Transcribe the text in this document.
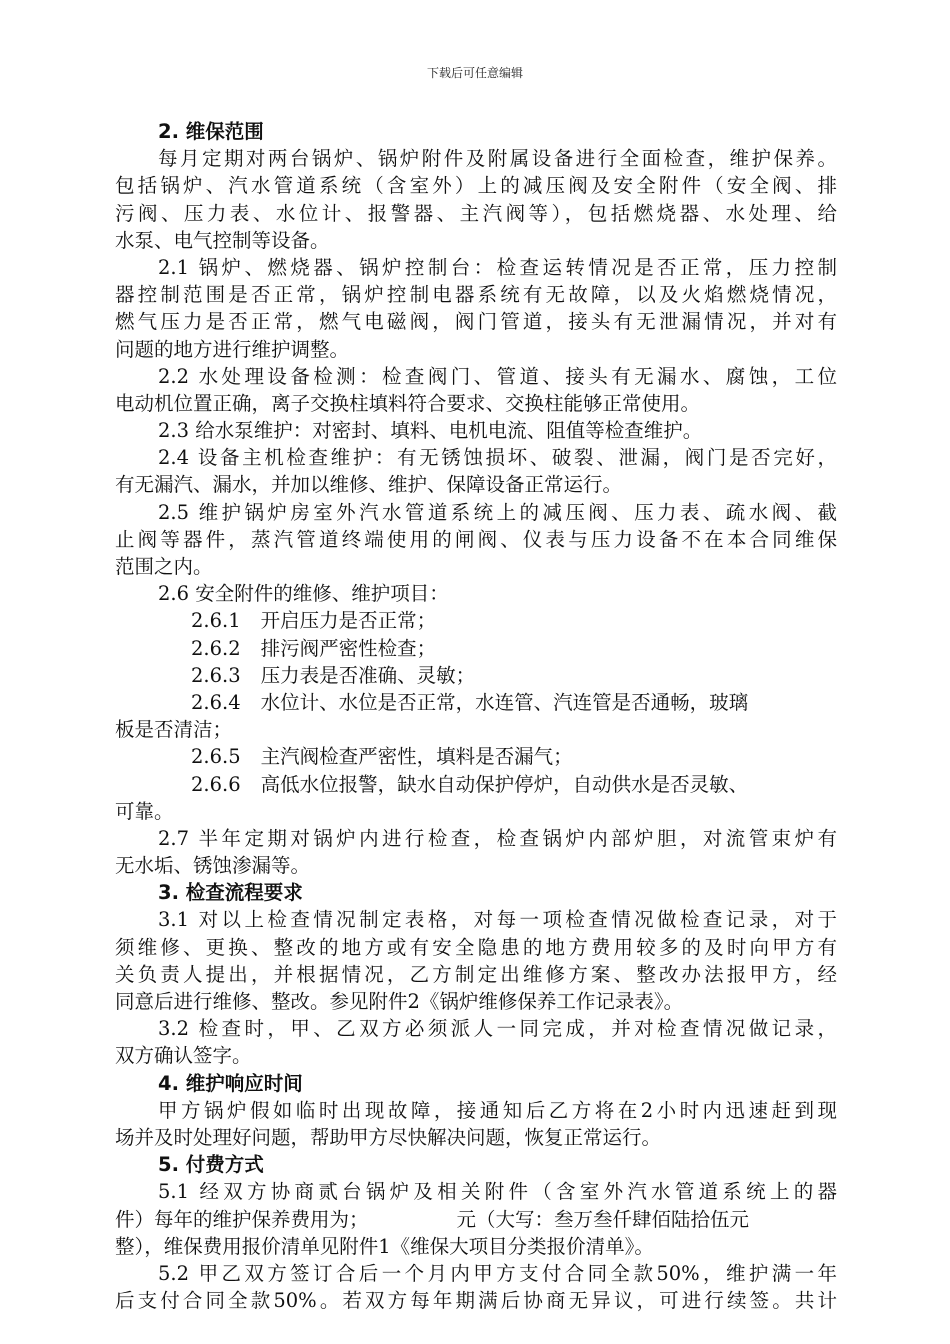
下载后可任意编辑
2. 维保范围
每月定期对两台锅炉、锅炉附件及附属设备进行全面检查，维护保养。
包括锅炉、汽水管道系统（含室外）上的减压阀及安全附件（安全阀、排
污阀、压力表、水位计、报警器、主汽阀等），包括燃烧器、水处理、给
水泵、电气控制等设备。
2.1 锅炉、燃烧器、锅炉控制台：检查运转情况是否正常，压力控制
器控制范围是否正常，锅炉控制电器系统有无故障，以及火焰燃烧情况，
燃气压力是否正常，燃气电磁阀，阀门管道，接头有无泄漏情况，并对有
问题的地方进行维护调整。
2.2 水处理设备检测：检查阀门、管道、接头有无漏水、腐蚀，工位
电动机位置正确，离子交换柱填料符合要求、交换柱能够正常使用。
2.3 给水泵维护：对密封、填料、电机电流、阻值等检查维护。
2.4 设备主机检查维护：有无锈蚀损坏、破裂、泄漏，阀门是否完好，
有无漏汽、漏水，并加以维修、维护、保障设备正常运行。
2.5 维护锅炉房室外汽水管道系统上的减压阀、压力表、疏水阀、截
止阀等器件，蒸汽管道终端使用的闸阀、仪表与压力设备不在本合同维保
范围之内。
2.6 安全附件的维修、维护项目：
2.6.1 开启压力是否正常；
2.6.2 排污阀严密性检查；
2.6.3 压力表是否准确、灵敏；
2.6.4 水位计、水位是否正常，水连管、汽连管是否通畅，玻璃
板是否清洁；
2.6.5 主汽阀检查严密性，填料是否漏气；
2.6.6 高低水位报警，缺水自动保护停炉，自动供水是否灵敏、
可靠。
2.7 半年定期对锅炉内进行检查，检查锅炉内部炉胆，对流管束炉有
无水垢、锈蚀渗漏等。
3. 检查流程要求
3.1 对以上检查情况制定表格，对每一项检查情况做检查记录，对于
须维修、更换、整改的地方或有安全隐患的地方费用较多的及时向甲方有
关负责人提出，并根据情况，乙方制定出维修方案、整改办法报甲方，经
同意后进行维修、整改。参见附件2《锅炉维修保养工作记录表》。
3.2 检查时，甲、乙双方必须派人一同完成，并对检查情况做记录，
双方确认签字。
4. 维护响应时间
甲方锅炉假如临时出现故障，接通知后乙方将在2小时内迅速赶到现
场并及时处理好问题，帮助甲方尽快解决问题，恢复正常运行。
5. 付费方式
5.1 经双方协商贰台锅炉及相关附件（含室外汽水管道系统上的器
件）每年的维护保养费用为；	元（大写：叁万叁仟肆佰陆拾伍元
整），维保费用报价清单见附件1《维保大项目分类报价清单》。
5.2 甲乙双方签订合后一个月内甲方支付合同全款50%，维护满一年
后支付合同全款50%。若双方每年期满后协商无异议，可进行续签。共计
